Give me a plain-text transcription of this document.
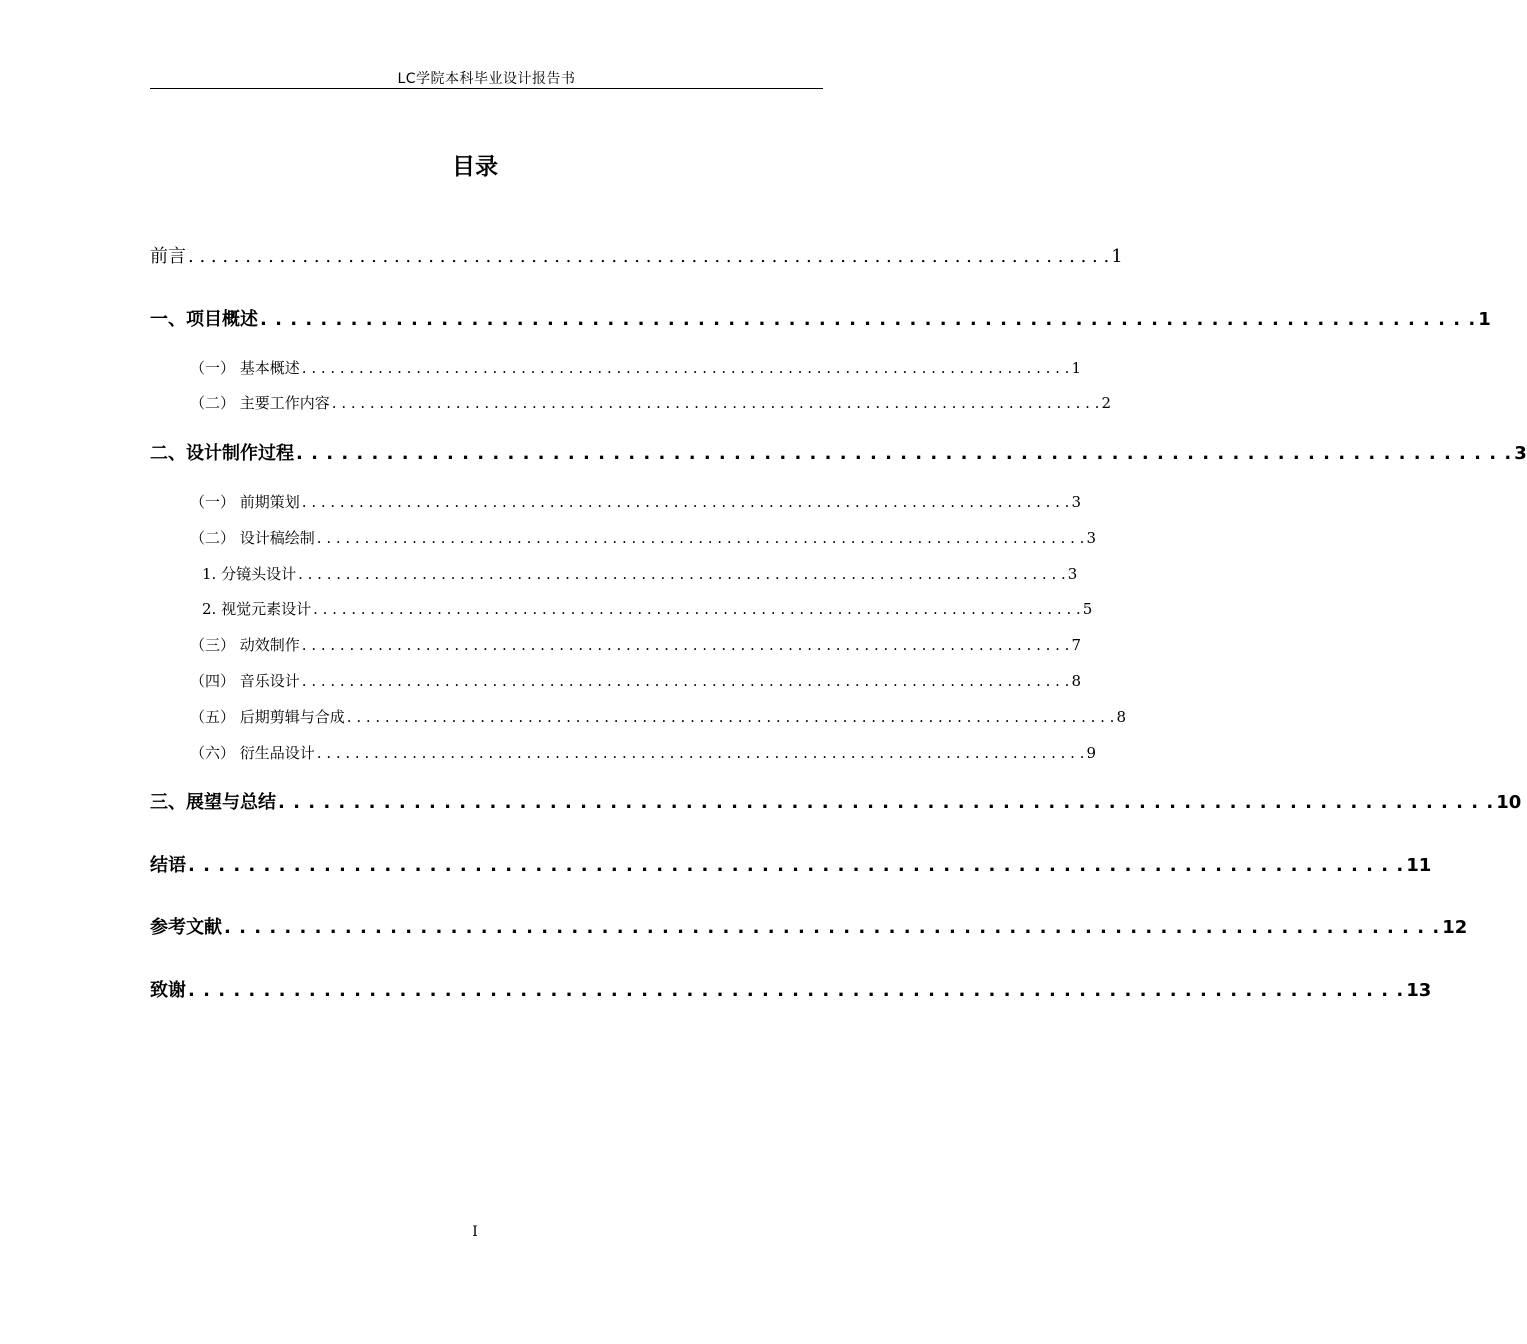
LC学院本科毕业设计报告书
目录
前言 . . . . . . . . . . . . . . . . . . . . . . . . . . . . . . . . . . . . . . . . . . . . . . . . . . . . . . . . . . . . . . . . . . . . . . . . . . . . . . . . . 1
一、项目概述 . . . . . . . . . . . . . . . . . . . . . . . . . . . . . . . . . . . . . . . . . . . . . . . . . . . . . . . . . . . . . . . . . . . . . . . . . . . . . . . . . 1
（一） 基本概述 . . . . . . . . . . . . . . . . . . . . . . . . . . . . . . . . . . . . . . . . . . . . . . . . . . . . . . . . . . . . . . . . . . . . . . . . . . . . . . . . . 1
（二） 主要工作内容 . . . . . . . . . . . . . . . . . . . . . . . . . . . . . . . . . . . . . . . . . . . . . . . . . . . . . . . . . . . . . . . . . . . . . . . . . . . . . . . . . 2
二、设计制作过程 . . . . . . . . . . . . . . . . . . . . . . . . . . . . . . . . . . . . . . . . . . . . . . . . . . . . . . . . . . . . . . . . . . . . . . . . . . . . . . . . . 3
（一） 前期策划 . . . . . . . . . . . . . . . . . . . . . . . . . . . . . . . . . . . . . . . . . . . . . . . . . . . . . . . . . . . . . . . . . . . . . . . . . . . . . . . . . 3
（二） 设计稿绘制 . . . . . . . . . . . . . . . . . . . . . . . . . . . . . . . . . . . . . . . . . . . . . . . . . . . . . . . . . . . . . . . . . . . . . . . . . . . . . . . . . 3
1. 分镜头设计 . . . . . . . . . . . . . . . . . . . . . . . . . . . . . . . . . . . . . . . . . . . . . . . . . . . . . . . . . . . . . . . . . . . . . . . . . . . . . . . . . 3
2. 视觉元素设计 . . . . . . . . . . . . . . . . . . . . . . . . . . . . . . . . . . . . . . . . . . . . . . . . . . . . . . . . . . . . . . . . . . . . . . . . . . . . . . . . . 5
（三） 动效制作 . . . . . . . . . . . . . . . . . . . . . . . . . . . . . . . . . . . . . . . . . . . . . . . . . . . . . . . . . . . . . . . . . . . . . . . . . . . . . . . . . 7
（四） 音乐设计 . . . . . . . . . . . . . . . . . . . . . . . . . . . . . . . . . . . . . . . . . . . . . . . . . . . . . . . . . . . . . . . . . . . . . . . . . . . . . . . . . 8
（五） 后期剪辑与合成 . . . . . . . . . . . . . . . . . . . . . . . . . . . . . . . . . . . . . . . . . . . . . . . . . . . . . . . . . . . . . . . . . . . . . . . . . . . . . . . . . 8
（六） 衍生品设计 . . . . . . . . . . . . . . . . . . . . . . . . . . . . . . . . . . . . . . . . . . . . . . . . . . . . . . . . . . . . . . . . . . . . . . . . . . . . . . . . . 9
三、展望与总结 . . . . . . . . . . . . . . . . . . . . . . . . . . . . . . . . . . . . . . . . . . . . . . . . . . . . . . . . . . . . . . . . . . . . . . . . . . . . . . . . . 10
结语 . . . . . . . . . . . . . . . . . . . . . . . . . . . . . . . . . . . . . . . . . . . . . . . . . . . . . . . . . . . . . . . . . . . . . . . . . . . . . . . . . 11
参考文献 . . . . . . . . . . . . . . . . . . . . . . . . . . . . . . . . . . . . . . . . . . . . . . . . . . . . . . . . . . . . . . . . . . . . . . . . . . . . . . . . . 12
致谢 . . . . . . . . . . . . . . . . . . . . . . . . . . . . . . . . . . . . . . . . . . . . . . . . . . . . . . . . . . . . . . . . . . . . . . . . . . . . . . . . . 13
I
